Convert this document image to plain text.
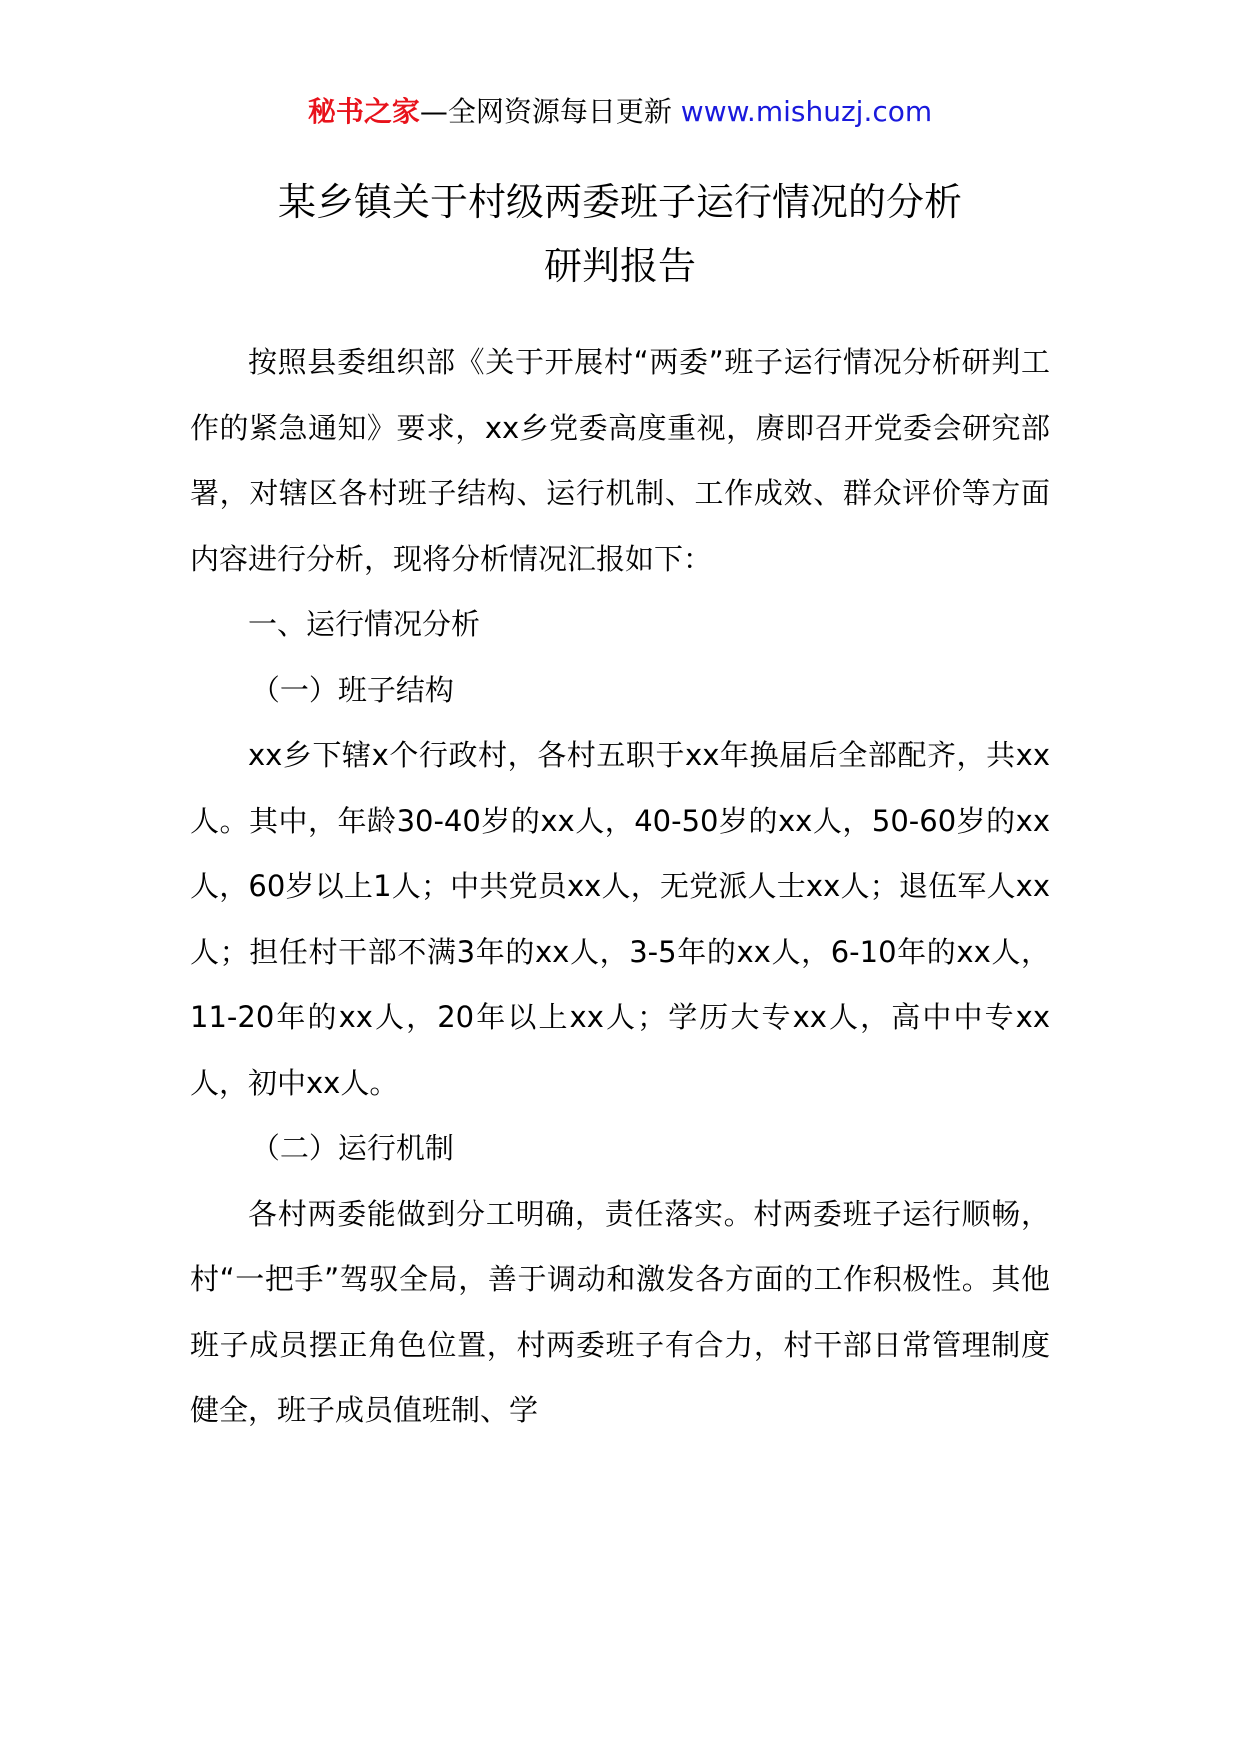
秘书之家—全网资源每日更新 www.mishuzj.com
某乡镇关于村级两委班子运行情况的分析
研判报告

按照县委组织部《关于开展村“两委”班子运行情况分析研判工作的紧急通知》要求，xx乡党委高度重视，赓即召开党委会研究部署，对辖区各村班子结构、运行机制、工作成效、群众评价等方面内容进行分析，现将分析情况汇报如下：

一、运行情况分析

（一）班子结构

xx乡下辖x个行政村，各村五职于xx年换届后全部配齐，共xx人。其中，年龄30-40岁的xx人，40-50岁的xx人，50-60岁的xx人，60岁以上1人；中共党员xx人，无党派人士xx人；退伍军人xx人；担任村干部不满3年的xx人，3-5年的xx人，6-10年的xx人，11-20年的xx人，20年以上xx人；学历大专xx人，高中中专xx人，初中xx人。

（二）运行机制

各村两委能做到分工明确，责任落实。村两委班子运行顺畅，村“一把手”驾驭全局，善于调动和激发各方面的工作积极性。其他班子成员摆正角色位置，村两委班子有合力，村干部日常管理制度健全，班子成员值班制、学
